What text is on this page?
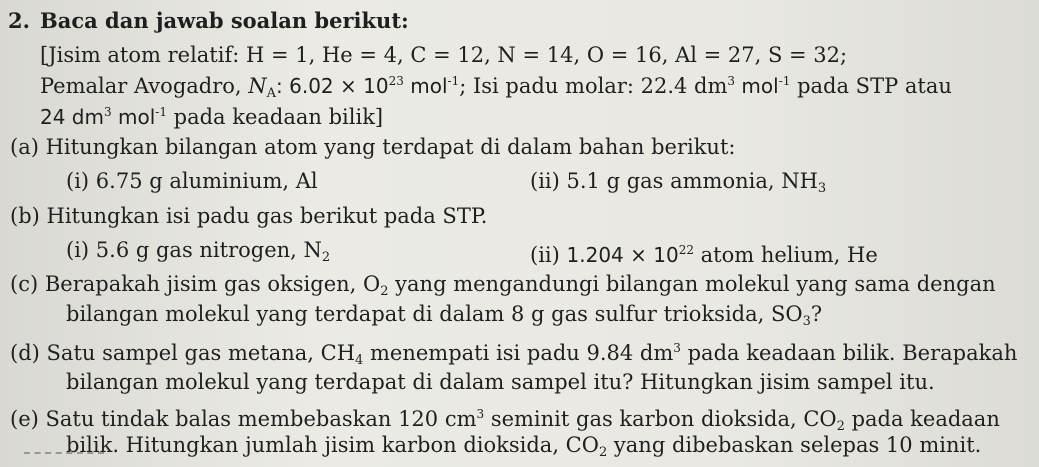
2. Baca dan jawab soalan berikut:
[Jisim atom relatif: H = 1, He = 4, C = 12, N = 14, O = 16, Al = 27, S = 32;
Pemalar Avogadro, $N_A$: $6.02 \times 10^{23}$ mol$^{-1}$; Isi padu molar: 22.4 $dm^3$ mol$^{-1}$ pada STP atau
24 $dm^3$ mol$^{-1}$ pada keadaan bilik]
(a) Hitungkan bilangan atom yang terdapat di dalam bahan berikut:
(i) 6.75 g aluminium, Al	(ii) 5.1 g gas ammonia, $NH_3$
(b) Hitungkan isi padu gas berikut pada STP.
(i) 5.6 g gas nitrogen, $N_2$	(ii) $1.204 \times 10^{22}$ atom helium, He
(c) Berapakah jisim gas oksigen, $O_2$ yang mengandungi bilangan molekul yang sama dengan
bilangan molekul yang terdapat di dalam 8 g gas sulfur trioksida, $SO_3$?
(d) Satu sampel gas metana, $CH_4$ menempati isi padu 9.84 $dm^3$ pada keadaan bilik. Berapakah
bilangan molekul yang terdapat di dalam sampel itu? Hitungkan jisim sampel itu.
(e) Satu tindak balas membebaskan 120 $cm^3$ seminit gas karbon dioksida, $CO_2$ pada keadaan
bilik. Hitungkan jumlah jisim karbon dioksida, $CO_2$ yang dibebaskan selepas 10 minit.
